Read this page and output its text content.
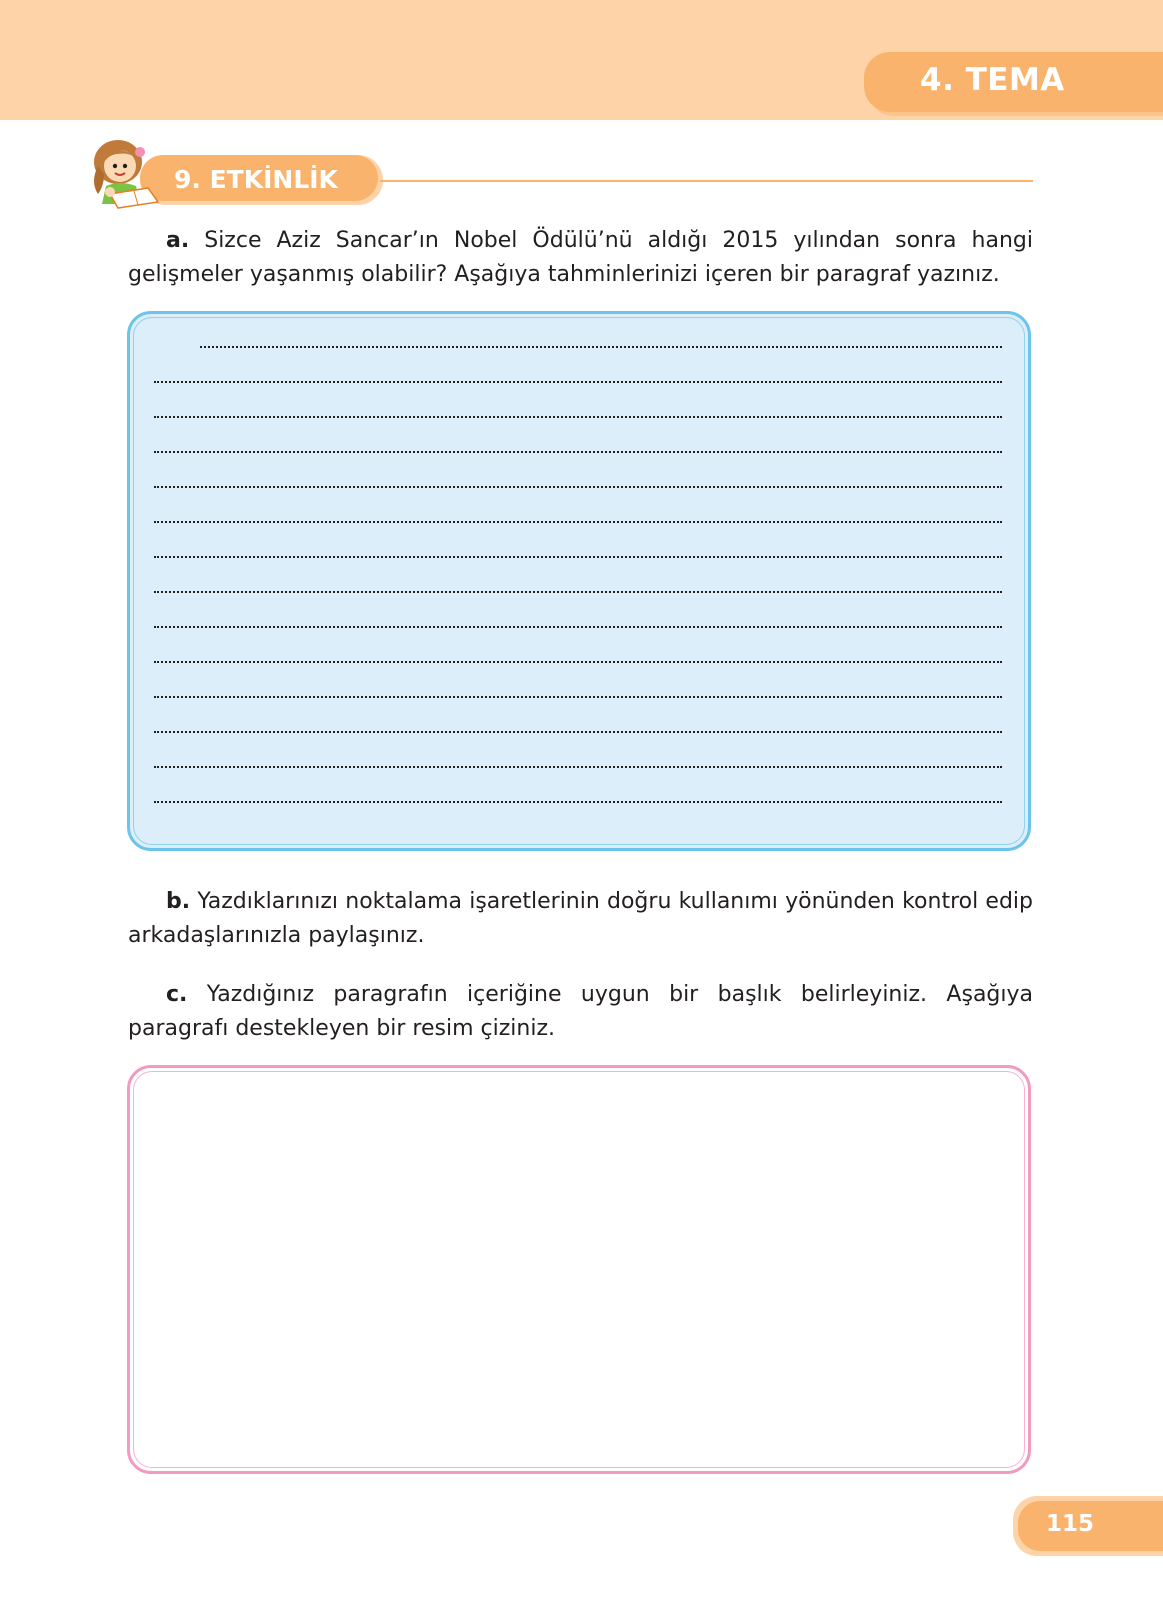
4. TEMA
9. ETKİNLİK

a. Sizce Aziz Sancar’ın Nobel Ödülü’nü aldığı 2015 yılından sonra hangi gelişmeler yaşanmış olabilir? Aşağıya tahminlerinizi içeren bir paragraf yazınız.

b. Yazdıklarınızı noktalama işaretlerinin doğru kullanımı yönünden kontrol edip arkadaşlarınızla paylaşınız.

c. Yazdığınız paragrafın içeriğine uygun bir başlık belirleyiniz. Aşağıya paragrafı destekleyen bir resim çiziniz.

115
